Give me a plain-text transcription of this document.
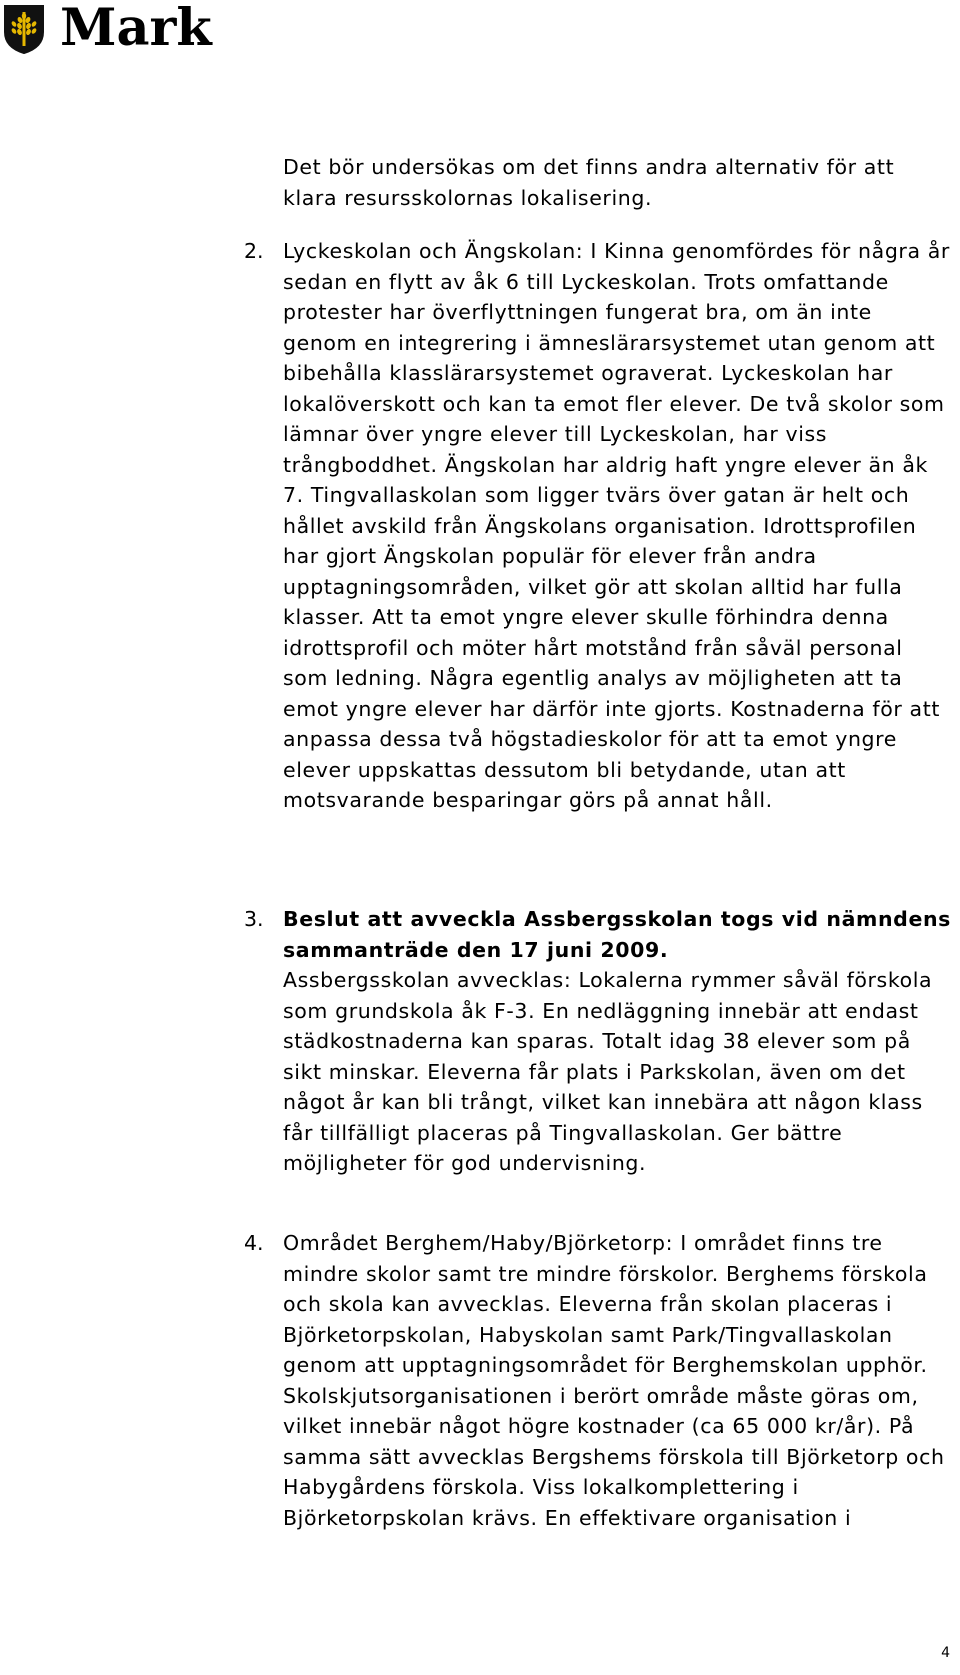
Mark

Det bör undersökas om det finns andra alternativ för att klara resursskolornas lokalisering.

2. Lyckeskolan och Ängskolan: I Kinna genomfördes för några år sedan en flytt av åk 6 till Lyckeskolan. Trots omfattande protester har överflyttningen fungerat bra, om än inte genom en integrering i ämneslärarsystemet utan genom att bibehålla klasslärarsystemet ograverat. Lyckeskolan har lokalöverskott och kan ta emot fler elever. De två skolor som lämnar över yngre elever till Lyckeskolan, har viss trångboddhet. Ängskolan har aldrig haft yngre elever än åk 7. Tingvallaskolan som ligger tvärs över gatan är helt och hållet avskild från Ängskolans organisation. Idrottsprofilen har gjort Ängskolan populär för elever från andra upptagningsområden, vilket gör att skolan alltid har fulla klasser. Att ta emot yngre elever skulle förhindra denna idrottsprofil och möter hårt motstånd från såväl personal som ledning. Några egentlig analys av möjligheten att ta emot yngre elever har därför inte gjorts. Kostnaderna för att anpassa dessa två högstadieskolor för att ta emot yngre elever uppskattas dessutom bli betydande, utan att motsvarande besparingar görs på annat håll.

3. Beslut att avveckla Assbergsskolan togs vid nämndens sammanträde den 17 juni 2009.
Assbergsskolan avvecklas: Lokalerna rymmer såväl förskola som grundskola åk F-3. En nedläggning innebär att endast städkostnaderna kan sparas. Totalt idag 38 elever som på sikt minskar. Eleverna får plats i Parkskolan, även om det något år kan bli trångt, vilket kan innebära att någon klass får tillfälligt placeras på Tingvallaskolan. Ger bättre möjligheter för god undervisning.

4. Området Berghem/Haby/Björketorp: I området finns tre mindre skolor samt tre mindre förskolor. Berghems förskola och skola kan avvecklas. Eleverna från skolan placeras i Björketorpskolan, Habyskolan samt Park/Tingvallaskolan genom att upptagningsområdet för Berghemskolan upphör. Skolskjutsorganisationen i berört område måste göras om, vilket innebär något högre kostnader (ca 65 000 kr/år). På samma sätt avvecklas Bergshems förskola till Björketorp och Habygårdens förskola. Viss lokalkomplettering i Björketorpskolan krävs. En effektivare organisation i

4
